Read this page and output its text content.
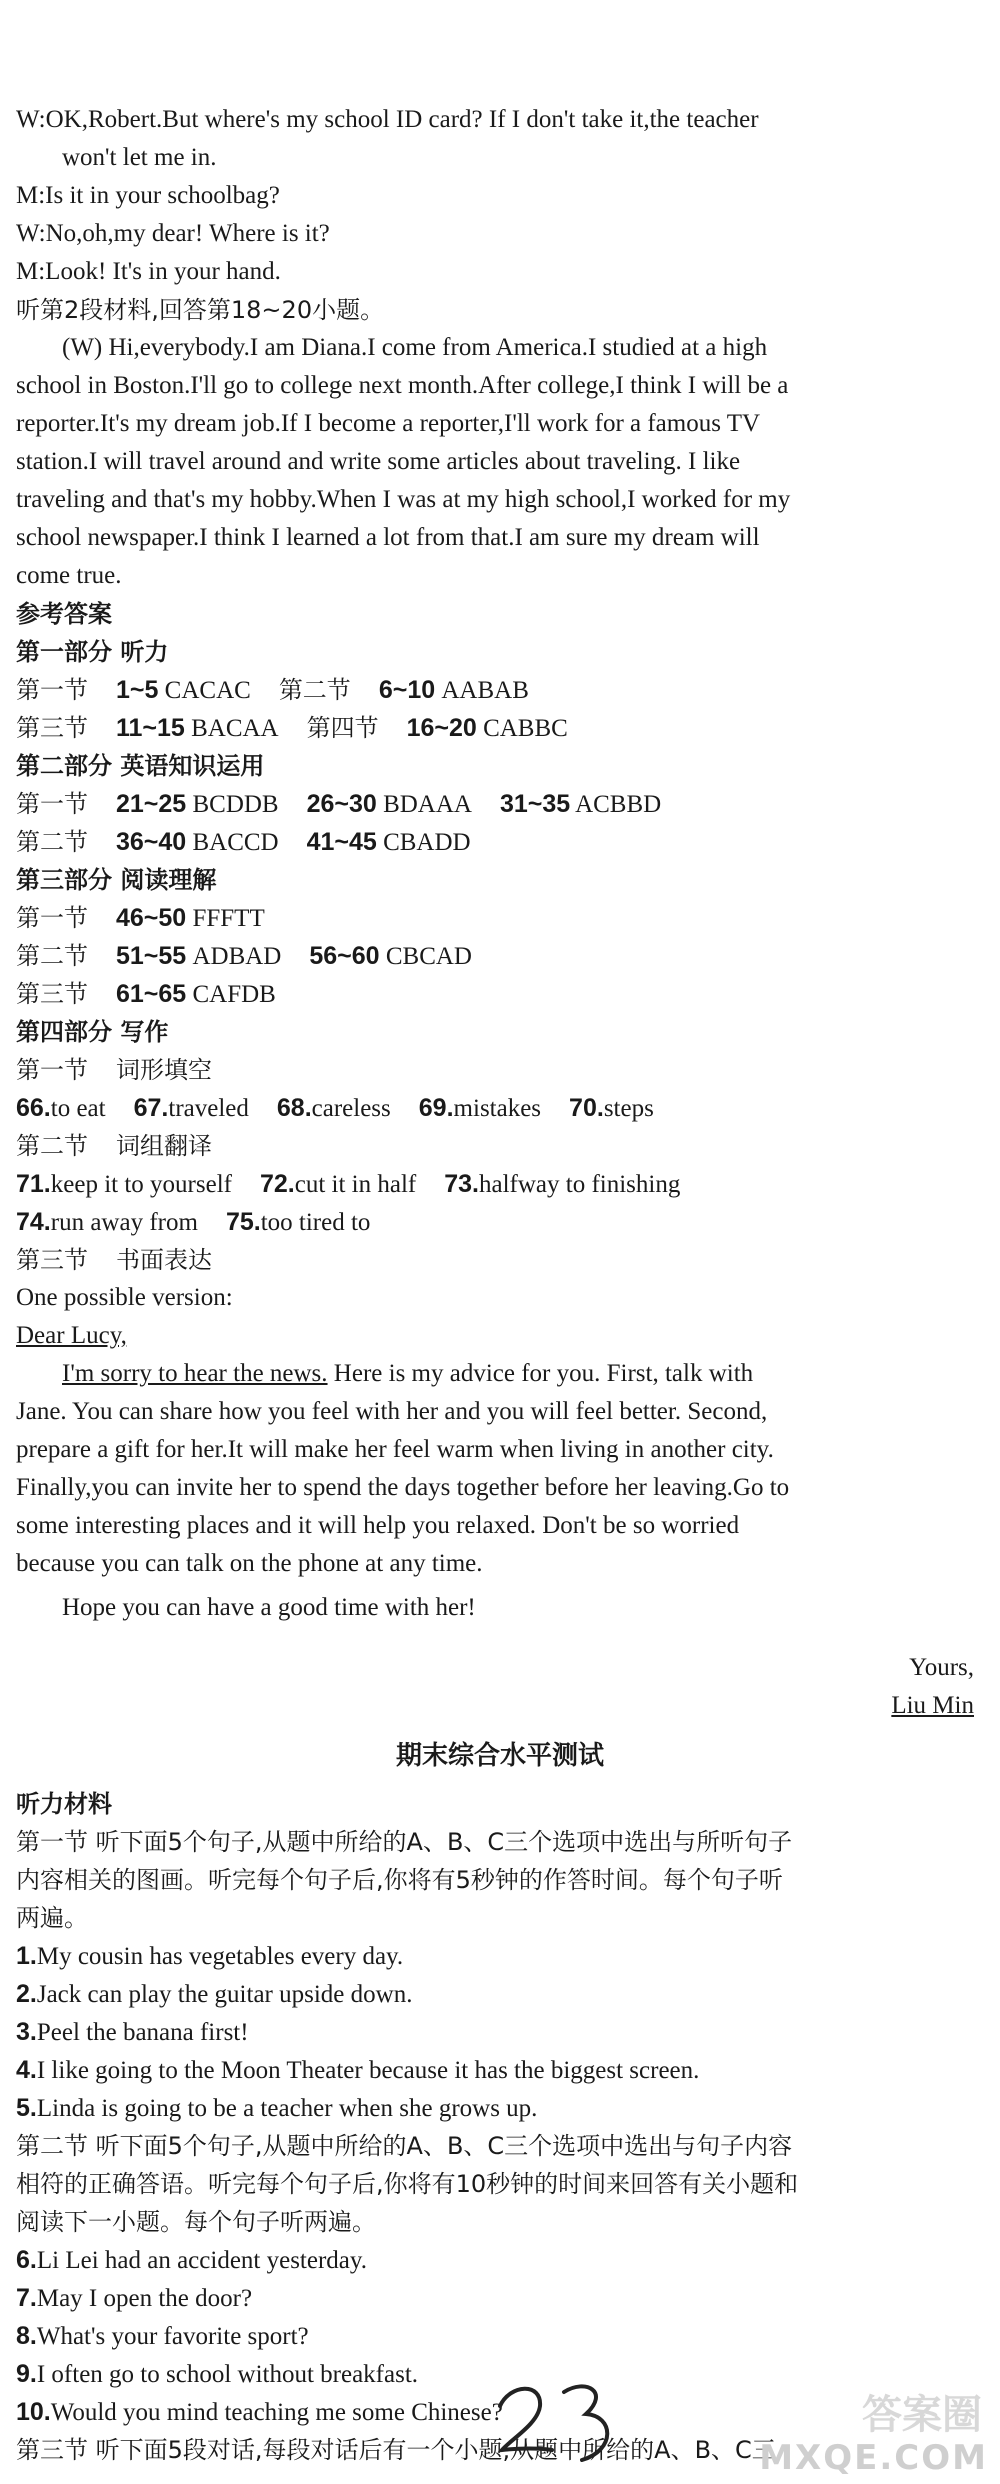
W:OK,Robert.But where's my school ID card? If I don't take it,the teacher
won't let me in.
M:Is it in your schoolbag?
W:No,oh,my dear! Where is it?
M:Look! It's in your hand.
听第2段材料,回答第18~20小题。
(W) Hi,everybody.I am Diana.I come from America.I studied at a high
school in Boston.I'll go to college next month.After college,I think I will be a
reporter.It's my dream job.If I become a reporter,I'll work for a famous TV
station.I will travel around and write some articles about traveling. I like
traveling and that's my hobby.When I was at my high school,I worked for my
school newspaper.I think I learned a lot from that.I am sure my dream will
come true.
参考答案
第一部分 听力
第一节 1~5 CACAC 第二节 6~10 AABAB
第三节 11~15 BACAA 第四节 16~20 CABBC
第二部分 英语知识运用
第一节 21~25 BCDDB 26~30 BDAAA 31~35 ACBBD
第二节 36~40 BACCD 41~45 CBADD
第三部分 阅读理解
第一节 46~50 FFFTT
第二节 51~55 ADBAD 56~60 CBCAD
第三节 61~65 CAFDB
第四部分 写作
第一节 词形填空
66.to eat 67.traveled 68.careless 69.mistakes 70.steps
第二节 词组翻译
71.keep it to yourself 72.cut it in half 73.halfway to finishing
74.run away from 75.too tired to
第三节 书面表达
One possible version:
Dear Lucy,
I'm sorry to hear the news. Here is my advice for you. First, talk with
Jane. You can share how you feel with her and you will feel better. Second,
prepare a gift for her.It will make her feel warm when living in another city.
Finally,you can invite her to spend the days together before her leaving.Go to
some interesting places and it will help you relaxed. Don't be so worried
because you can talk on the phone at any time.
Hope you can have a good time with her!
Yours,
Liu Min
期末综合水平测试
听力材料
第一节 听下面5个句子,从题中所给的A、B、C三个选项中选出与所听句子
内容相关的图画。听完每个句子后,你将有5秒钟的作答时间。每个句子听
两遍。
1.My cousin has vegetables every day.
2.Jack can play the guitar upside down.
3.Peel the banana first!
4.I like going to the Moon Theater because it has the biggest screen.
5.Linda is going to be a teacher when she grows up.
第二节 听下面5个句子,从题中所给的A、B、C三个选项中选出与句子内容
相符的正确答语。听完每个句子后,你将有10秒钟的时间来回答有关小题和
阅读下一小题。每个句子听两遍。
6.Li Lei had an accident yesterday.
7.May I open the door?
8.What's your favorite sport?
9.I often go to school without breakfast.
10.Would you mind teaching me some Chinese?
第三节 听下面5段对话,每段对话后有一个小题,从题中所给的A、B、C三
答案圈
MXQE.COM
